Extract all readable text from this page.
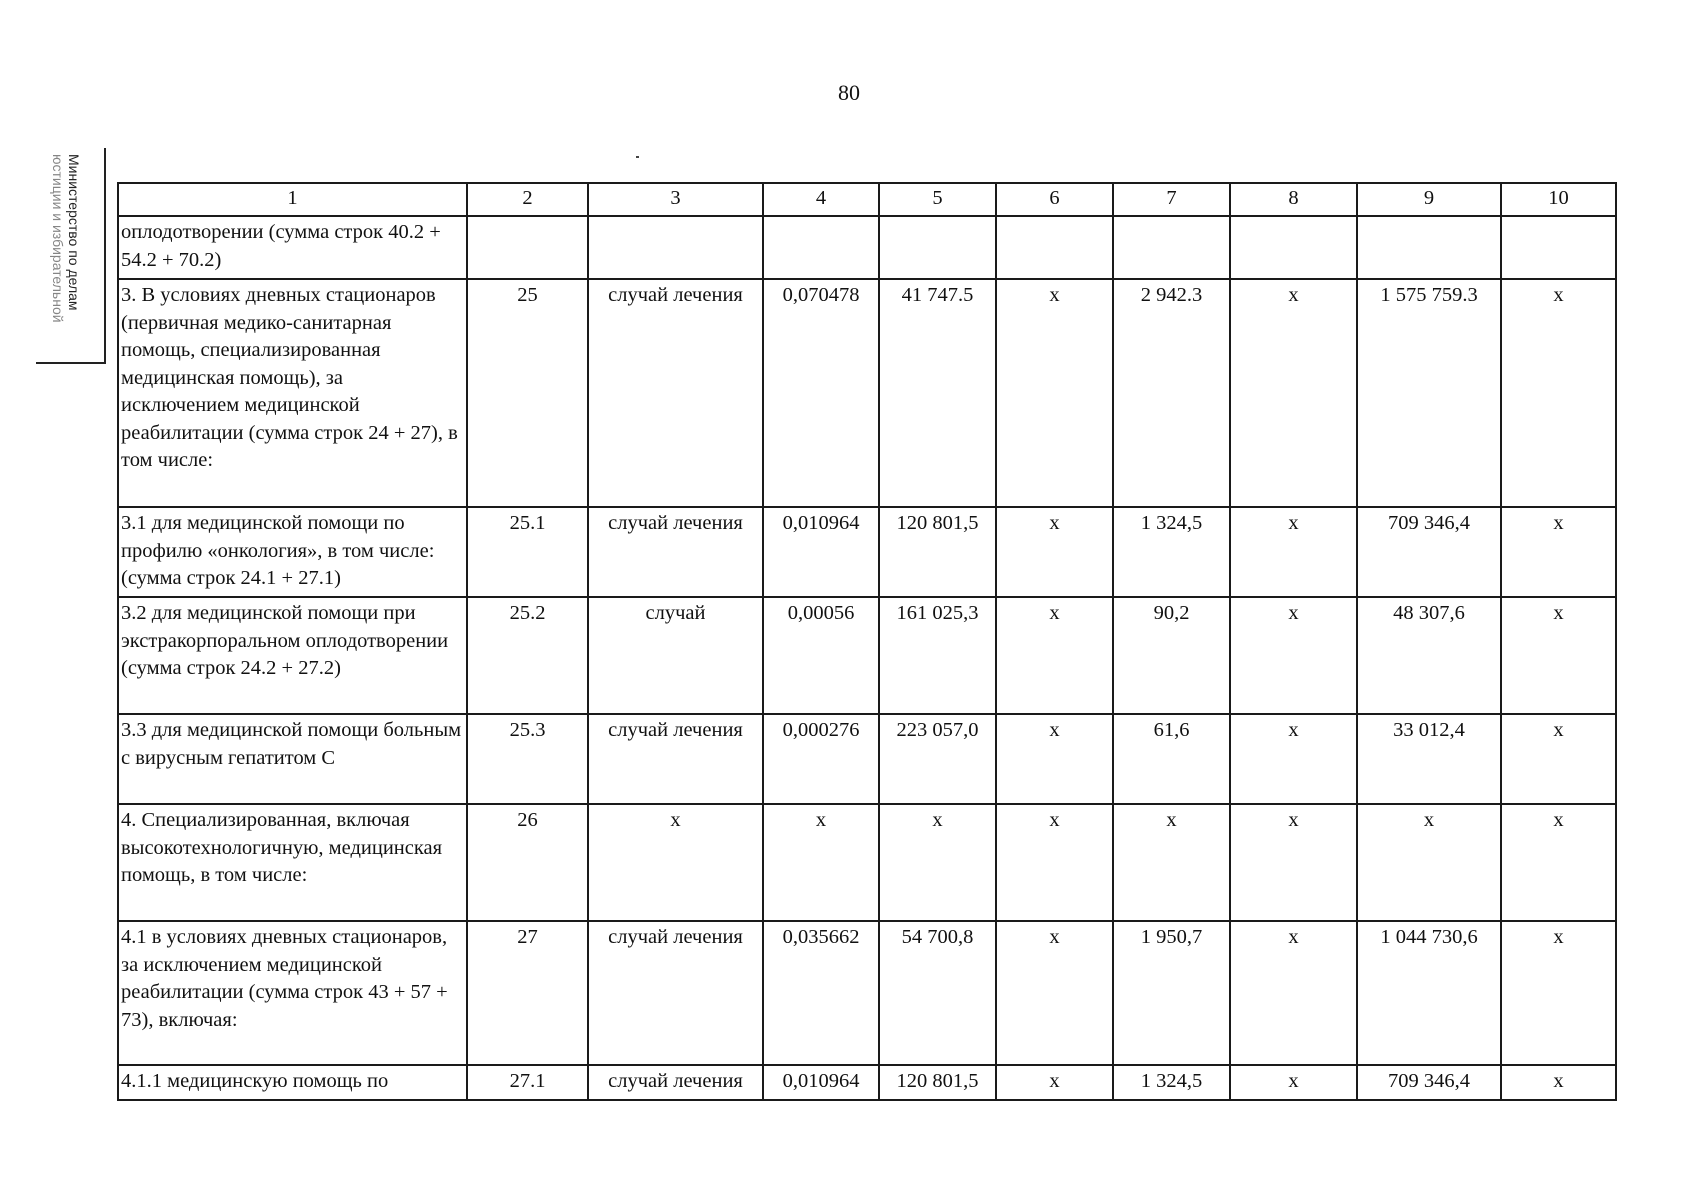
80
Министерство по делам
юстиции и избирательной	1	2	3	4	5	6	7	8	9	10
оплодотворении (сумма строк 40.2 + 54.2 + 70.2)									
3. В условиях дневных стационаров (первичная медико-санитарная помощь, специализированная медицинская помощь), за исключением медицинской реабилитации (сумма строк 24 + 27), в том числе:	25	случай лечения	0,070478	41 747.5	х	2 942.3	х	1 575 759.3	х
3.1 для медицинской помощи по профилю «онкология», в том числе: (сумма строк 24.1 + 27.1)	25.1	случай лечения	0,010964	120 801,5	х	1 324,5	х	709 346,4	х
3.2 для медицинской помощи при экстракорпоральном оплодотворении (сумма строк 24.2 + 27.2)	25.2	случай	0,00056	161 025,3	х	90,2	х	48 307,6	х
3.3 для медицинской помощи больным с вирусным гепатитом С	25.3	случай лечения	0,000276	223 057,0	х	61,6	х	33 012,4	х
4. Специализированная, включая высокотехнологичную, медицинская помощь, в том числе:	26	х	х	х	х	х	х	х	х
4.1 в условиях дневных стационаров, за исключением медицинской реабилитации (сумма строк 43 + 57 + 73), включая:	27	случай лечения	0,035662	54 700,8	х	1 950,7	х	1 044 730,6	х
4.1.1 медицинскую помощь по	27.1	случай лечения	0,010964	120 801,5	х	1 324,5	х	709 346,4	х
